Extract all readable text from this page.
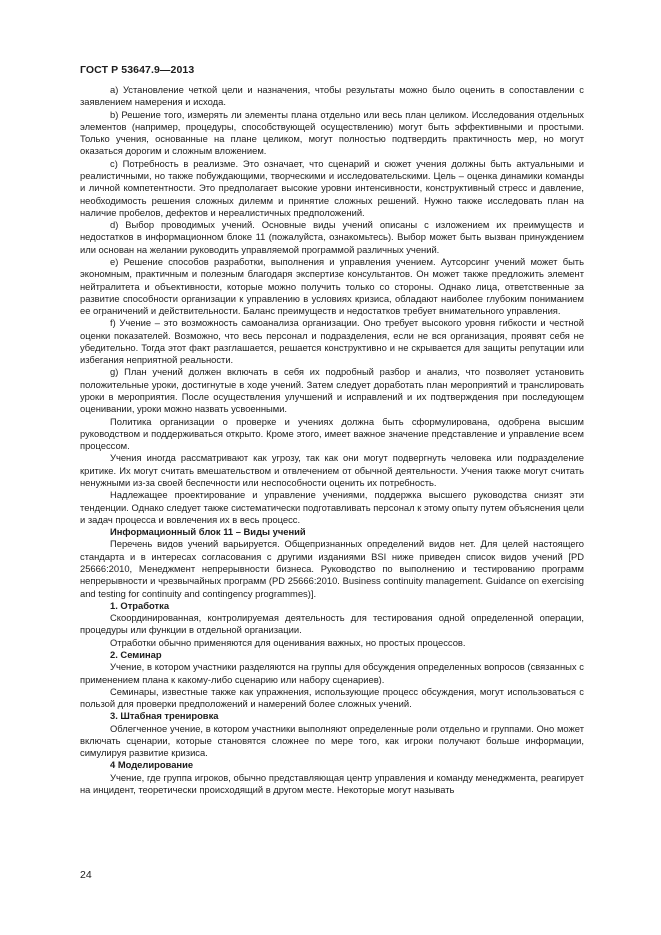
ГОСТ Р 53647.9—2013

a) Установление четкой цели и назначения, чтобы результаты можно было оценить в сопоставлении с заявлением намерения и исхода.

b) Решение того, измерять ли элементы плана отдельно или весь план целиком. Исследования отдельных элементов (например, процедуры, способствующей осуществлению) могут быть эффективными и простыми. Только учения, основанные на плане целиком, могут полностью подтвердить практичность мер, но могут оказаться дорогим и сложным вложением.

c) Потребность в реализме. Это означает, что сценарий и сюжет учения должны быть актуальными и реалистичными, но также побуждающими, творческими и исследовательскими. Цель – оценка динамики команды и личной компетентности. Это предполагает высокие уровни интенсивности, конструктивный стресс и давление, необходимость решения сложных дилемм и принятие сложных решений. Нужно также исследовать план на наличие пробелов, дефектов и нереалистичных предположений.

d) Выбор проводимых учений. Основные виды учений описаны с изложением их преимуществ и недостатков в информационном блоке 11 (пожалуйста, ознакомьтесь). Выбор может быть вызван принуждением или основан на желании руководить управляемой программой различных учений.

e) Решение способов разработки, выполнения и управления учением. Аутсорсинг учений может быть экономным, практичным и полезным благодаря экспертизе консультантов. Он может также предложить элемент нейтралитета и объективности, которые можно получить только со стороны. Однако лица, ответственные за развитие способности организации к управлению в условиях кризиса, обладают наиболее глубоким пониманием ее ограничений и действительности. Баланс преимуществ и недостатков требует внимательного управления.

f) Учение – это возможность самоанализа организации. Оно требует высокого уровня гибкости и честной оценки показателей. Возможно, что весь персонал и подразделения, если не вся организация, проявят себя не убедительно. Тогда этот факт разглашается, решается конструктивно и не скрывается для защиты репутации или избегания неприятной реальности.

g) План учений должен включать в себя их подробный разбор и анализ, что позволяет установить положительные уроки, достигнутые в ходе учений. Затем следует доработать план мероприятий и транслировать уроки в мероприятия. После осуществления улучшений и исправлений и их подтверждения при последующем оценивании, уроки можно назвать усвоенными.

Политика организации о проверке и учениях должна быть сформулирована, одобрена высшим руководством и поддерживаться открыто. Кроме этого, имеет важное значение представление и управление всем процессом.

Учения иногда рассматривают как угрозу, так как они могут подвергнуть человека или подразделение критике. Их могут считать вмешательством и отвлечением от обычной деятельности. Учения также могут считать ненужными из-за своей беспечности или неспособности оценить их потребность.

Надлежащее проектирование и управление учениями, поддержка высшего руководства снизят эти тенденции. Однако следует также систематически подготавливать персонал к этому опыту путем объяснения цели и задач процесса и вовлечения их в весь процесс.

Информационный блок 11 – Виды учений

Перечень видов учений варьируется. Общепризнанных определений видов нет. Для целей настоящего стандарта и в интересах согласования с другими изданиями BSI ниже приведен список видов учений [PD 25666:2010, Менеджмент непрерывности бизнеса. Руководство по выполнению и тестированию программ непрерывности и чрезвычайных программ (PD 25666:2010. Business continuity management. Guidance on exercising and testing for continuity and contingency programmes)].

1. Отработка

Скоординированная, контролируемая деятельность для тестирования одной определенной операции, процедуры или функции в отдельной организации.

Отработки обычно применяются для оценивания важных, но простых процессов.

2. Семинар

Учение, в котором участники разделяются на группы для обсуждения определенных вопросов (связанных с применением плана к какому-либо сценарию или набору сценариев).

Семинары, известные также как упражнения, использующие процесс обсуждения, могут использоваться с пользой для проверки предположений и намерений более сложных учений.

3. Штабная тренировка

Облегченное учение, в котором участники выполняют определенные роли отдельно и группами. Оно может включать сценарии, которые становятся сложнее по мере того, как игроки получают больше информации, симулируя развитие кризиса.

4 Моделирование

Учение, где группа игроков, обычно представляющая центр управления и команду менеджмента, реагирует на инцидент, теоретически происходящий в другом месте. Некоторые могут называть

24
